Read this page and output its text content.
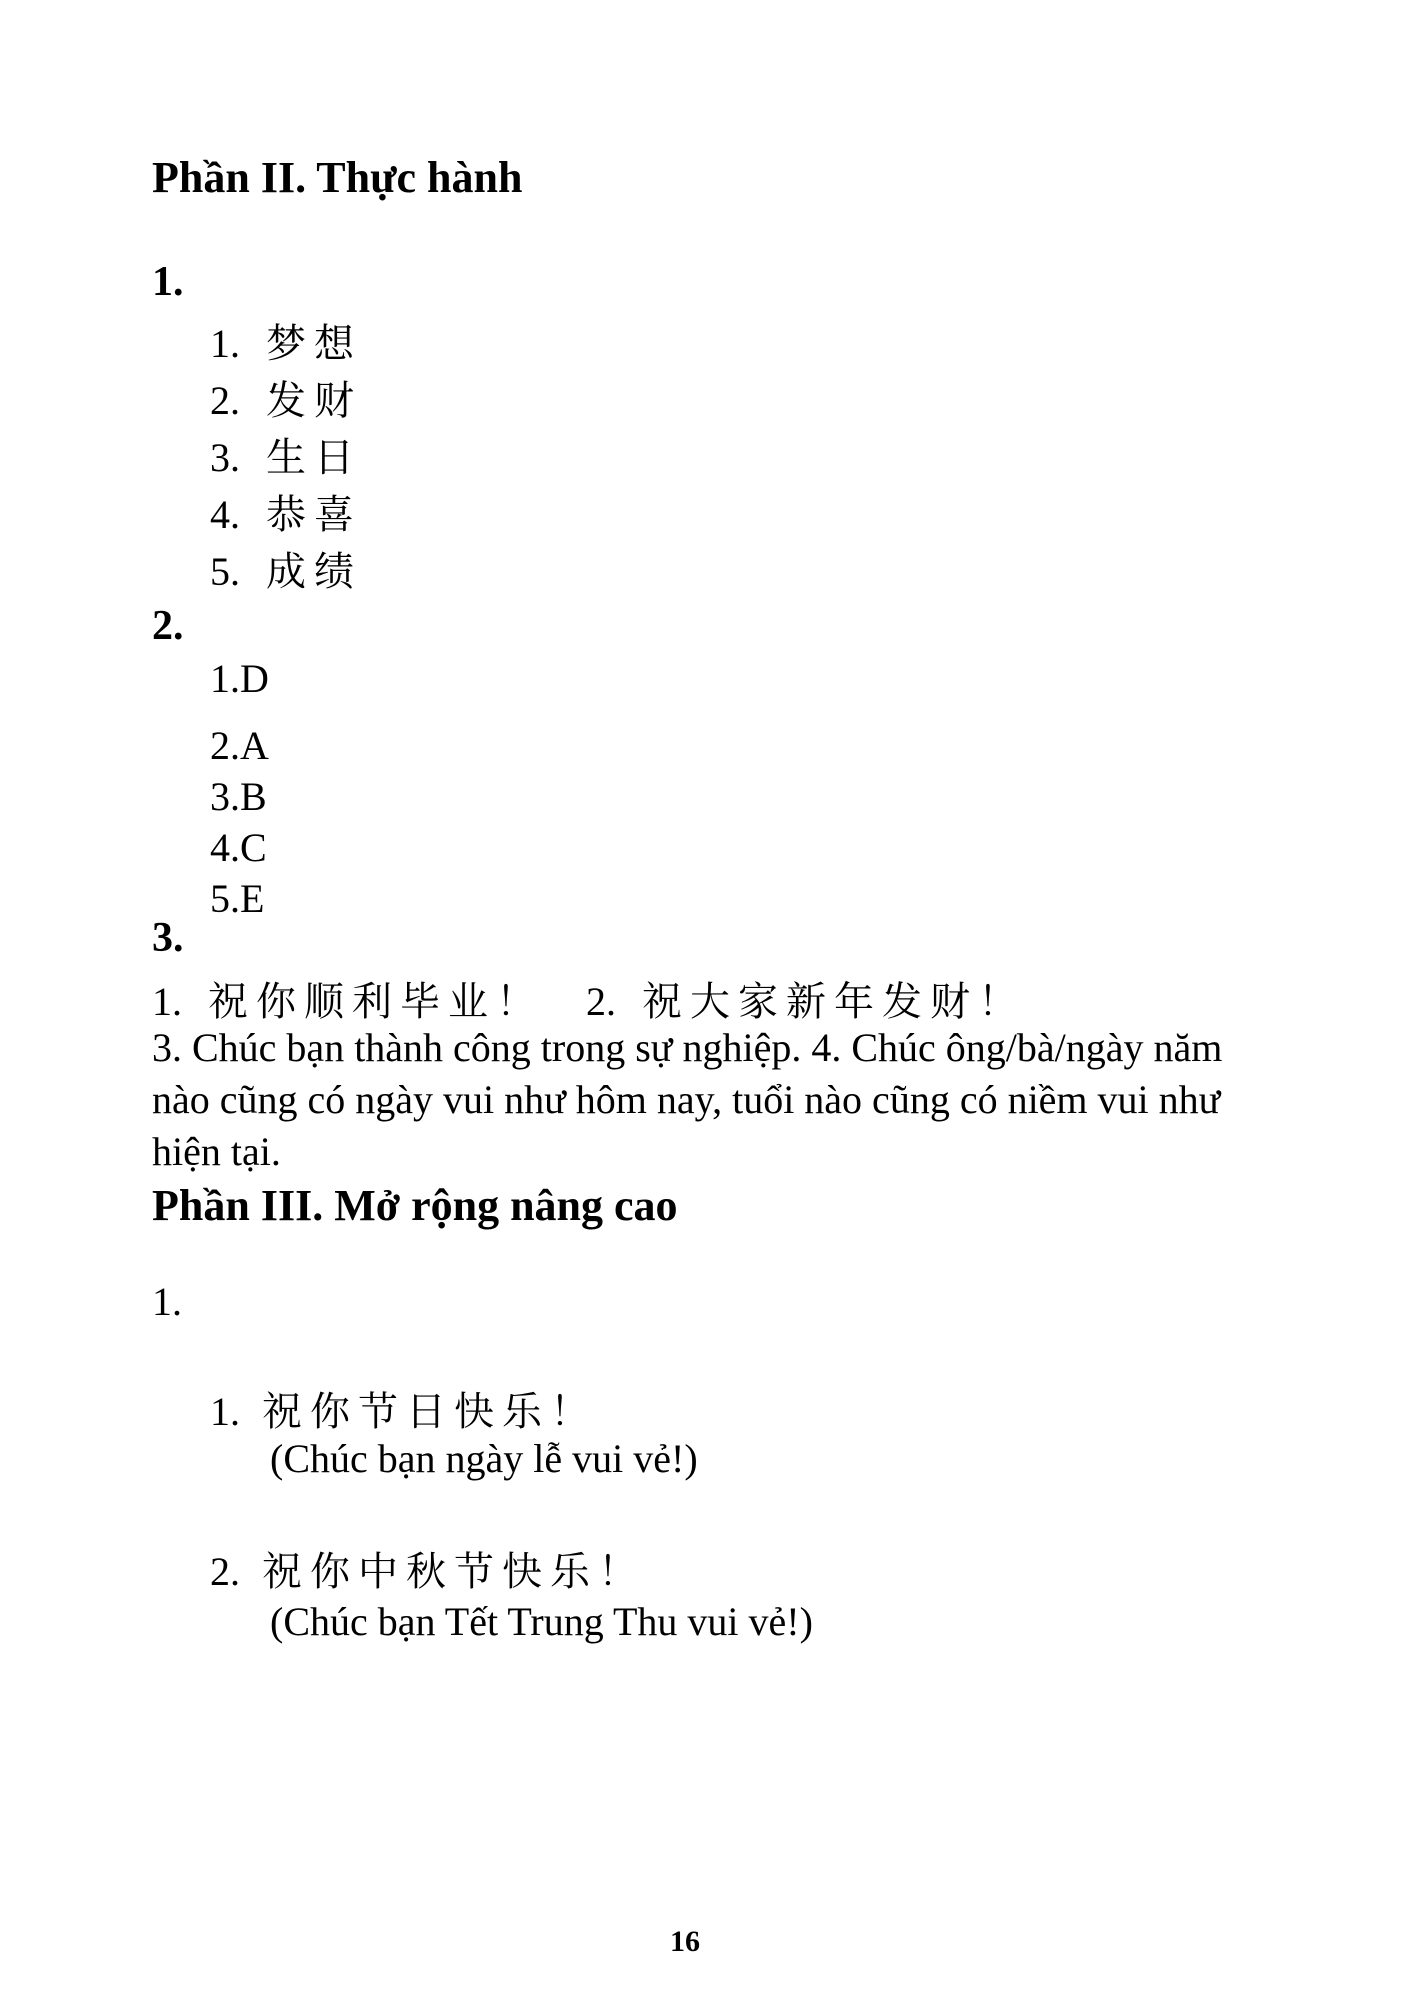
Phần II. Thực hành
1.
1. 梦想
2. 发财
3. 生日
4. 恭喜
5. 成绩
2.
1.D
2.A
3.B
4.C
5.E
3.
1. 祝你顺利毕业！ 2. 祝大家新年发财！
3. Chúc bạn thành công trong sự nghiệp. 4. Chúc ông/bà/ngày năm nào cũng có ngày vui như hôm nay, tuổi nào cũng có niềm vui như hiện tại.
Phần III. Mở rộng nâng cao
1.
1. 祝你节日快乐！
(Chúc bạn ngày lễ vui vẻ!)
2. 祝你中秋节快乐！
(Chúc bạn Tết Trung Thu vui vẻ!)
16
